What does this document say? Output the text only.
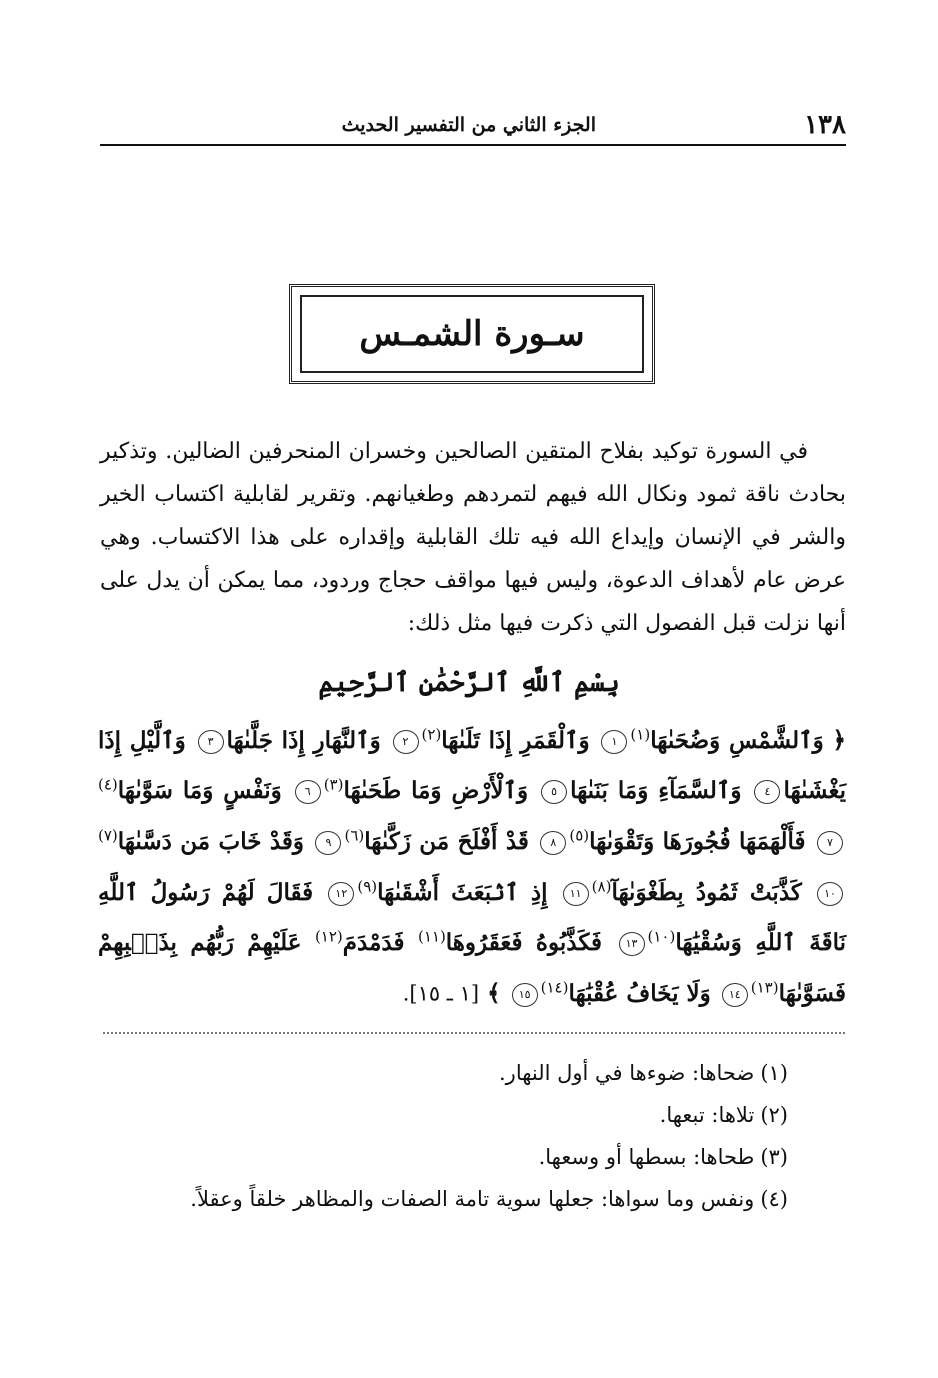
١٣٨
الجزء الثاني من التفسير الحديث
سـورة الشمـس

في السورة توكيد بفلاح المتقين الصالحين وخسران المنحرفين الضالين. وتذكير بحادث ناقة ثمود ونكال الله فيهم لتمردهم وطغيانهم. وتقرير لقابلية اكتساب الخير والشر في الإنسان وإيداع الله فيه تلك القابلية وإقداره على هذا الاكتساب. وهي عرض عام لأهداف الدعوة، وليس فيها مواقف حجاج وردود، مما يمكن أن يدل على أنها نزلت قبل الفصول التي ذكرت فيها مثل ذلك:

بِسْمِ ٱللَّهِ ٱلرَّحْمَٰنِ ٱلرَّحِيمِ

﴿ وَٱلشَّمْسِ وَضُحَىٰهَا$^{(١)}$١ وَٱلْقَمَرِ إِذَا تَلَىٰهَا$^{(٢)}$٢ وَٱلنَّهَارِ إِذَا جَلَّىٰهَا٣ وَٱلَّيْلِ إِذَا يَغْشَىٰهَا٤ وَٱلسَّمَآءِ وَمَا بَنَىٰهَا٥ وَٱلْأَرْضِ وَمَا طَحَىٰهَا$^{(٣)}$٦ وَنَفْسٍ وَمَا سَوَّىٰهَا$^{(٤)}$٧ فَأَلْهَمَهَا فُجُورَهَا وَتَقْوَىٰهَا$^{(٥)}$٨ قَدْ أَفْلَحَ مَن زَكَّىٰهَا$^{(٦)}$٩ وَقَدْ خَابَ مَن دَسَّىٰهَا$^{(٧)}$١٠ كَذَّبَتْ ثَمُودُ بِطَغْوَىٰهَآ$^{(٨)}$١١ إِذِ ٱنۢبَعَثَ أَشْقَىٰهَا$^{(٩)}$١٢ فَقَالَ لَهُمْ رَسُولُ ٱللَّهِ نَاقَةَ ٱللَّهِ وَسُقْيَٰهَا$^{(١٠)}$١٣ فَكَذَّبُوهُ فَعَقَرُوهَا$^{(١١)}$ فَدَمْدَمَ$^{(١٢)}$ عَلَيْهِمْ رَبُّهُم بِذَنۢبِهِمْ فَسَوَّىٰهَا$^{(١٣)}$١٤ وَلَا يَخَافُ عُقْبَٰهَا$^{(١٤)}$١٥ ﴾ [١ ـ ١٥].

(١)ضحاها: ضوءها في أول النهار.
(٢)تلاها: تبعها.
(٣)طحاها: بسطها أو وسعها.
(٤)ونفس وما سواها: جعلها سوية تامة الصفات والمظاهر خلقاً وعقلاً.
